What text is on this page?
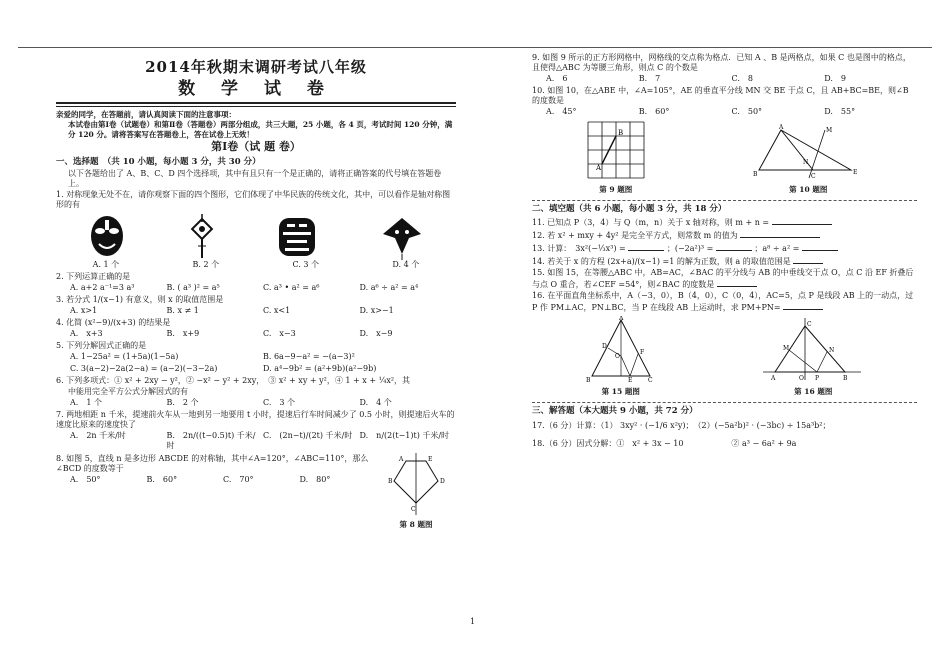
2014年秋期末调研考试八年级
数 学 试 卷
亲爱的同学，在答题前，请认真阅读下面的注意事项：
本试卷由第Ⅰ卷（试题卷）和第Ⅱ卷（答题卷）两部分组成，共三大题，25 小题，各 4 页，考试时间 120 分钟，满分 120 分。请将答案写在答题卷上，答在试卷上无效！
第Ⅰ卷（试 题 卷）
一、选择题　（共 10 小题，每小题 3 分，共 30 分）
以下各题给出了 A、B、C、D 四个选择项，其中有且只有一个是正确的，请将正确答案的代号填在答题卷上。
1. 对称现象无处不在，请你观察下面的四个图形，它们体现了中华民族的传统文化，其中，可以看作是轴对称图形的有
A. 1 个	B. 2 个	C. 3 个	D. 4 个
2. 下列运算正确的是
A. a+2 a⁻¹=3 a³	B. ( a³ )² = a⁵	C. a³ • a² = a⁶	D. a⁶ ÷ a² = a⁴
3. 若分式 1/(x−1) 有意义，则 x 的取值范围是
A. x>1	B. x ≠ 1	C. x<1	D. x>−1
4. 化简 (x²−9)/(x+3) 的结果是
A.　x+3	B.　x+9	C.　x−3	D.　x−9
5. 下列分解因式正确的是
A. 1−25a² = (1+5a)(1−5a)	B. 6a−9−a² = −(a−3)²
C. 3(a−2)−2a(2−a) = (a−2)(−3−2a)	D. a⁴−9b² = (a²+9b)(a²−9b)
6. 下列多项式：① x² + 2xy − y²，② −x² − y² + 2xy，　③ x² + xy + y²，④ 1 + x + ¼x²，其
中能用完全平方公式分解因式的有
A.　1 个	B.　2 个	C.　3 个	D.　4 个
7. 两地相距 n 千米，提速前火车从一地到另一地要用 t 小时，提速后行车时间减少了 0.5 小时，则提速后火车的速度比原来的速度快了
A.　2n 千米/时	B.　2n/((t−0.5)t) 千米/时
C.　(2n−t)/(2t) 千米/时 D.　n/(2(t−1)t) 千米/时
8. 如图 5，直线 n 是多边形 ABCDE 的对称轴，其中∠A=120°，∠ABC=110°，那么∠BCD 的度数等于
A.　50°	B.　60°	C.　70°	D.　80°
A
B
C
D
E
第 8 题图
9. 如图 9 所示的正方形网格中，网格线的交点称为格点．已知 A 、B 是两格点，如果 C 也是图中的格点，且使得△ABC 为等腰三角形，则点 C 的个数是
A.　6	B.　7	C.　8	D.　9
10. 如图 10，在△ABE 中，∠A=105°，AE 的垂直平分线 MN 交 BE 于点 C，且 AB+BC=BE，则∠B 的度数是
A.　45°	B.　60°	C.　50°	D.　55°
A
B
第 9 题图
A
B	C
E
M
N
第 10 题图
二、填空题（共 6 小题，每小题 3 分，共 18 分）
11. 已知点 P（3，4）与 Q（m，n）关于 x 轴对称，则 m + n =
12. 若 x² + mxy + 4y² 是完全平方式，则常数 m 的值为
13. 计算：　3x²(−⅓x³) =	；(−2a²)³ =	；a⁸ ÷ a² =
14. 若关于 x 的方程 (2x+a)/(x−1) =1 的解为正数，则 a 的取值范围是
15. 如图 15，在等腰△ABC 中，AB=AC，∠BAC 的平分线与 AB 的中垂线交于点 O，点 C 沿 EF 折叠后与点 O 重合，若∠CEF =54°，则∠BAC 的度数是
16. 在平面直角坐标系中，A（−3，0），B（4，0），C（0，4），AC=5，点 P 是线段 AB 上的一动点，过 P 作 PM⊥AC，PN⊥BC，当 P 在线段 AB 上运动时，求 PM+PN=
A
B	C
D
E
F
O
第 15 题图
A	B
C
M	N
P
O
第 16 题图
三、解答题（本大题共 9 小题，共 72 分）
17.（6 分）计算：（1） 3xy² · (−1/6 x²y)；　（2）(−5a²b)² · (−3bc) ÷ 15a³b²；
18.（6 分）因式分解：①　x² + 3x − 10　　　　　　② a³ − 6a² + 9a
1
